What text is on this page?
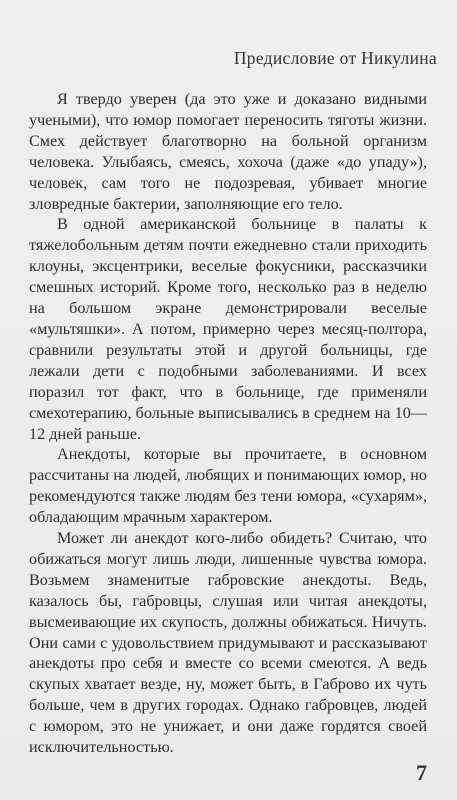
Предисловие от Никулина

Я твердо уверен (да это уже и доказано видными учеными), что юмор помогает переносить тяготы жизни. Смех действует благотворно на больной организм человека. Улыбаясь, смеясь, хохоча (даже «до упаду»), человек, сам того не подозревая, убивает многие зловредные бактерии, заполняющие его тело.

В одной американской больнице в палаты к тяжелобольным детям почти ежедневно стали приходить клоуны, эксцентрики, веселые фокусники, рассказчики смешных историй. Кроме того, несколько раз в неделю на большом экране демонстрировали веселые «мультяшки». А потом, примерно через месяц-полтора, сравнили результаты этой и другой больницы, где лежали дети с подобными заболеваниями. И всех поразил тот факт, что в больнице, где применяли смехотерапию, больные выписывались в среднем на 10—12 дней раньше.

Анекдоты, которые вы прочитаете, в основном рассчитаны на людей, любящих и понимающих юмор, но рекомендуются также людям без тени юмора, «сухарям», обладающим мрачным характером.

Может ли анекдот кого-либо обидеть? Считаю, что обижаться могут лишь люди, лишенные чувства юмора. Возьмем знаменитые габровские анекдоты. Ведь, казалось бы, габровцы, слушая или читая анекдоты, высмеивающие их скупость, должны обижаться. Ничуть. Они сами с удовольствием придумывают и рассказывают анекдоты про себя и вместе со всеми смеются. А ведь скупых хватает везде, ну, может быть, в Габрово их чуть больше, чем в других городах. Однако габровцев, людей с юмором, это не унижает, и они даже гордятся своей исключительностью.

7
